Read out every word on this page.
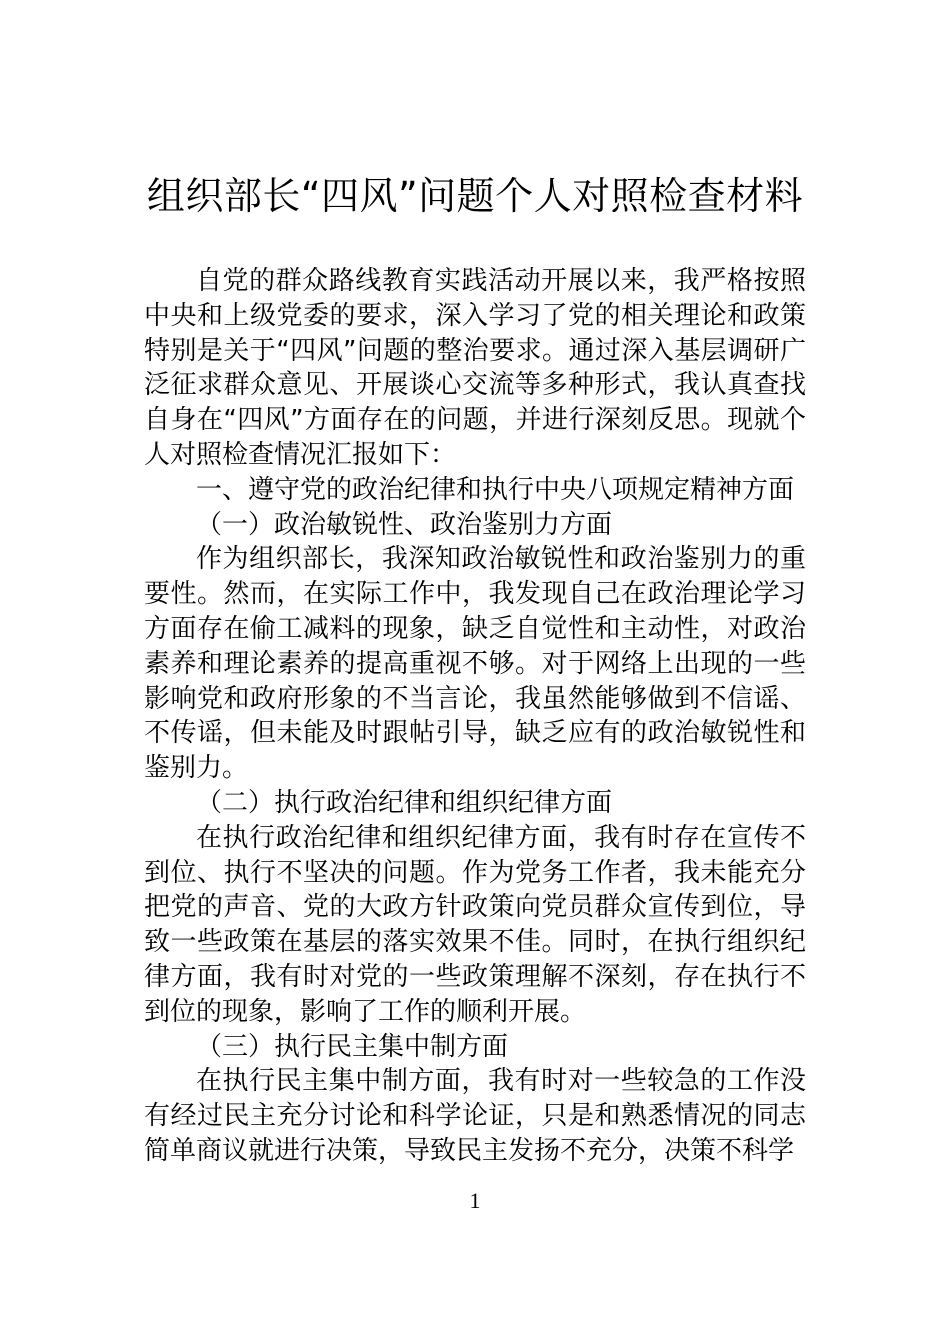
组织部长“四风”问题个人对照检查材料

自党的群众路线教育实践活动开展以来，我严格按照中央和上级党委的要求，深入学习了党的相关理论和政策特别是关于“四风”问题的整治要求。通过深入基层调研广泛征求群众意见、开展谈心交流等多种形式，我认真查找自身在“四风”方面存在的问题，并进行深刻反思。现就个人对照检查情况汇报如下：

一、遵守党的政治纪律和执行中央八项规定精神方面

（一）政治敏锐性、政治鉴别力方面

作为组织部长，我深知政治敏锐性和政治鉴别力的重要性。然而，在实际工作中，我发现自己在政治理论学习方面存在偷工减料的现象，缺乏自觉性和主动性，对政治素养和理论素养的提高重视不够。对于网络上出现的一些影响党和政府形象的不当言论，我虽然能够做到不信谣、不传谣，但未能及时跟帖引导，缺乏应有的政治敏锐性和鉴别力。

（二）执行政治纪律和组织纪律方面

在执行政治纪律和组织纪律方面，我有时存在宣传不到位、执行不坚决的问题。作为党务工作者，我未能充分把党的声音、党的大政方针政策向党员群众宣传到位，导致一些政策在基层的落实效果不佳。同时，在执行组织纪律方面，我有时对党的一些政策理解不深刻，存在执行不到位的现象，影响了工作的顺利开展。

（三）执行民主集中制方面

在执行民主集中制方面，我有时对一些较急的工作没有经过民主充分讨论和科学论证，只是和熟悉情况的同志简单商议就进行决策，导致民主发扬不充分，决策不科学

1
